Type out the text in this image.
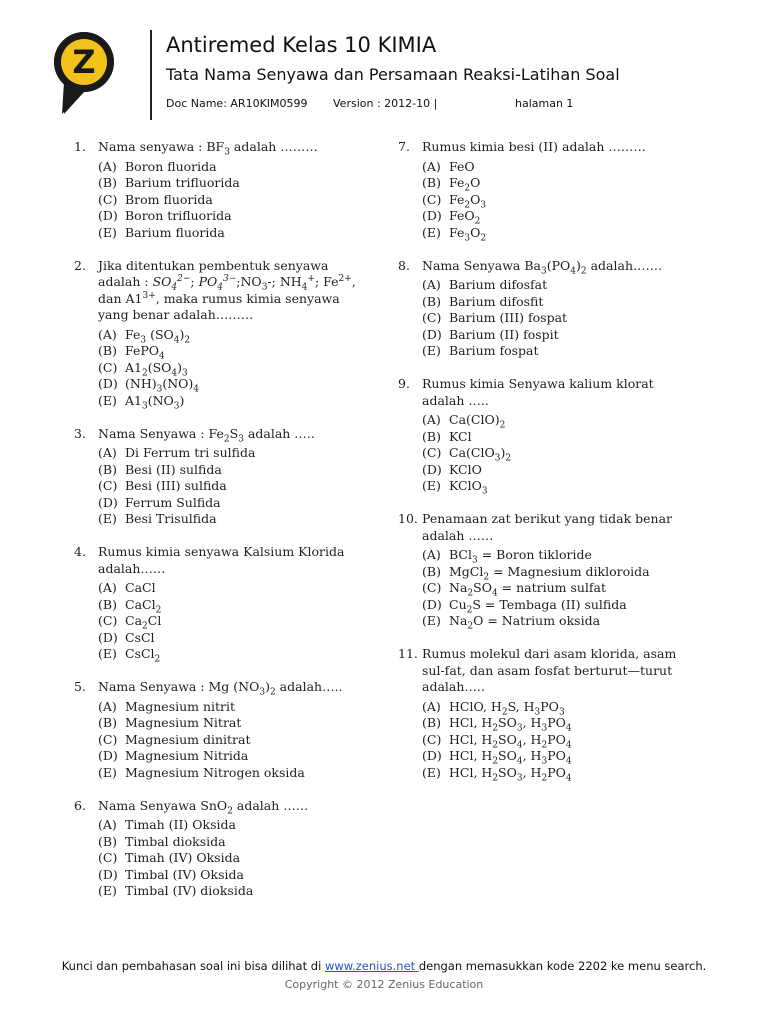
Z	Antiremed Kelas 10 KIMIA
Tata Nama Senyawa dan Persamaan Reaksi-Latihan Soal
Doc Name: AR10KIM0599 Version : 2012-10 |	halaman 1
1. Nama senyawa : $BF_3$ adalah ………
(A) Boron fluorida
(B) Barium trifluorida
(C) Brom fluorida
(D) Boron trifluorida
(E) Barium fluorida
2. Jika ditentukan pembentuk senyawa adalah : $SO_4^{2-}$; $PO_4^{3-};NO_3-$; $NH_4^+$; $Fe^{2+}$, dan $A1^{3+}$, maka rumus kimia senyawa yang benar adalah………
(A) $Fe_3$ $(SO_4)_2$
(B) FePO$_4$
(C) $A1_2(SO_4)_3$
(D) $(NH)_3(NO)_4$
(E) $A1_3(NO_3)$
3. Nama Senyawa : $Fe_2S_3$ adalah …..
(A) Di Ferrum tri sulfida
(B) Besi (II) sulfida
(C) Besi (III) sulfida
(D) Ferrum Sulfida
(E) Besi Trisulfida
4. Rumus kimia senyawa Kalsium Klorida adalah……
(A) CaCl
(B) CaCl$_2$
(C) $Ca_2Cl$
(D) CsCl
(E) CsCl$_2$
5. Nama Senyawa : Mg $(NO_3)_2$ adalah…..
(A) Magnesium nitrit
(B) Magnesium Nitrat
(C) Magnesium dinitrat
(D) Magnesium Nitrida
(E) Magnesium Nitrogen oksida
6. Nama Senyawa SnO$_2$ adalah ……
(A) Timah (II) Oksida
(B) Timbal dioksida
(C) Timah (IV) Oksida
(D) Timbal (IV) Oksida
(E) Timbal (IV) dioksida
7. Rumus kimia besi (II) adalah ………
(A) FeO
(B) $Fe_2O$
(C) $Fe_2O_3$
(D) FeO$_2$
(E) $Fe_3O_2$
8. Nama Senyawa $Ba_3(PO_4)_2$ adalah…….
(A) Barium difosfat
(B) Barium difosfit
(C) Barium (III) fospat
(D) Barium (II) fospit
(E) Barium fospat
9. Rumus kimia Senyawa kalium klorat adalah …..
(A) $Ca(ClO)_2$
(B) KCl
(C) $Ca(ClO_3)_2$
(D) KClO
(E) KClO$_3$
10. Penamaan zat berikut yang tidak benar adalah ……
(A) BCl$_3$ = Boron tikloride
(B) MgCl$_2$ = Magnesium dikloroida
(C) $Na_2SO_4$ = natrium sulfat
(D) $Cu_2S$ = Tembaga (II) sulfida
(E) $Na_2O$ = Natrium oksida
11. Rumus molekul dari asam klorida, asam sul-fat, dan asam fosfat berturut—turut adalah…..
(A) HClO, $H_2S$, $H_3PO_3$
(B) HCl, $H_2SO_3$, $H_3PO_4$
(C) HCl, $H_2SO_4$, $H_2PO_4$
(D) HCl, $H_2SO_4$, $H_3PO_4$
(E) HCl, $H_2SO_3$, $H_2PO_4$
Kunci dan pembahasan soal ini bisa dilihat di www.zenius.net dengan memasukkan kode 2202 ke menu search.
Copyright © 2012 Zenius Education
